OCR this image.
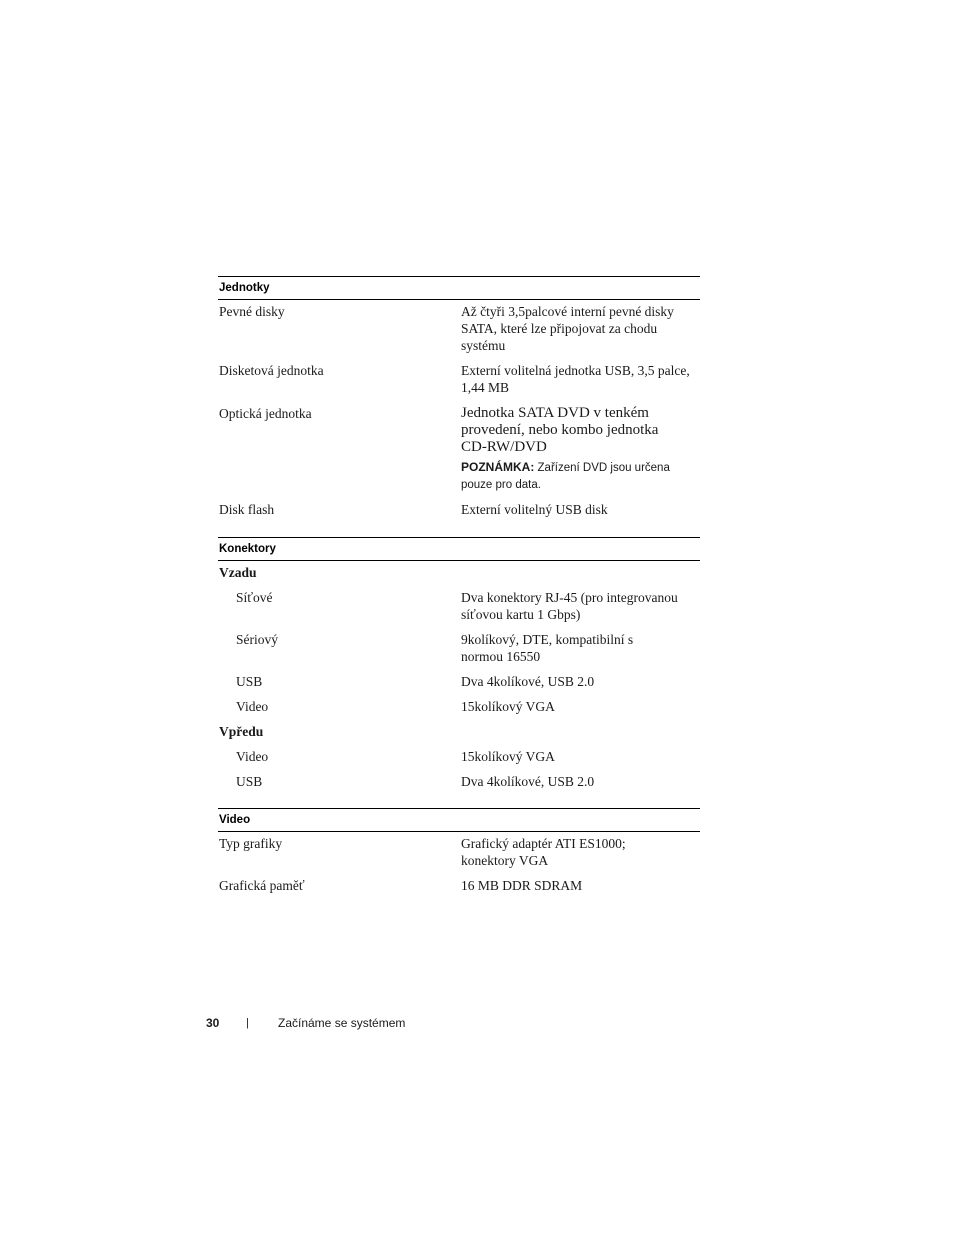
Jednotky
Pevné disky	Až čtyři 3,5palcové interní pevné disky
SATA, které lze připojovat za chodu
systému
Disketová jednotka	Externí volitelná jednotka USB, 3,5 palce,
1,44 MB
Optická jednotka	Jednotka SATA DVD v tenkém
provedení, nebo kombo jednotka
CD-RW/DVD
POZNÁMKA: Zařízení DVD jsou určena
pouze pro data.
Disk flash	Externí volitelný USB disk
Konektory
Vzadu
Síťové	Dva konektory RJ-45 (pro integrovanou
síťovou kartu 1 Gbps)
Sériový	9kolíkový, DTE, kompatibilní s
normou 16550
USB	Dva 4kolíkové, USB 2.0
Video	15kolíkový VGA
Vpředu
Video	15kolíkový VGA
USB	Dva 4kolíkové, USB 2.0
Video
Typ grafiky	Grafický adaptér ATI ES1000;
konektory VGA
Grafická paměť	16 MB DDR SDRAM
30 | Začínáme se systémem
